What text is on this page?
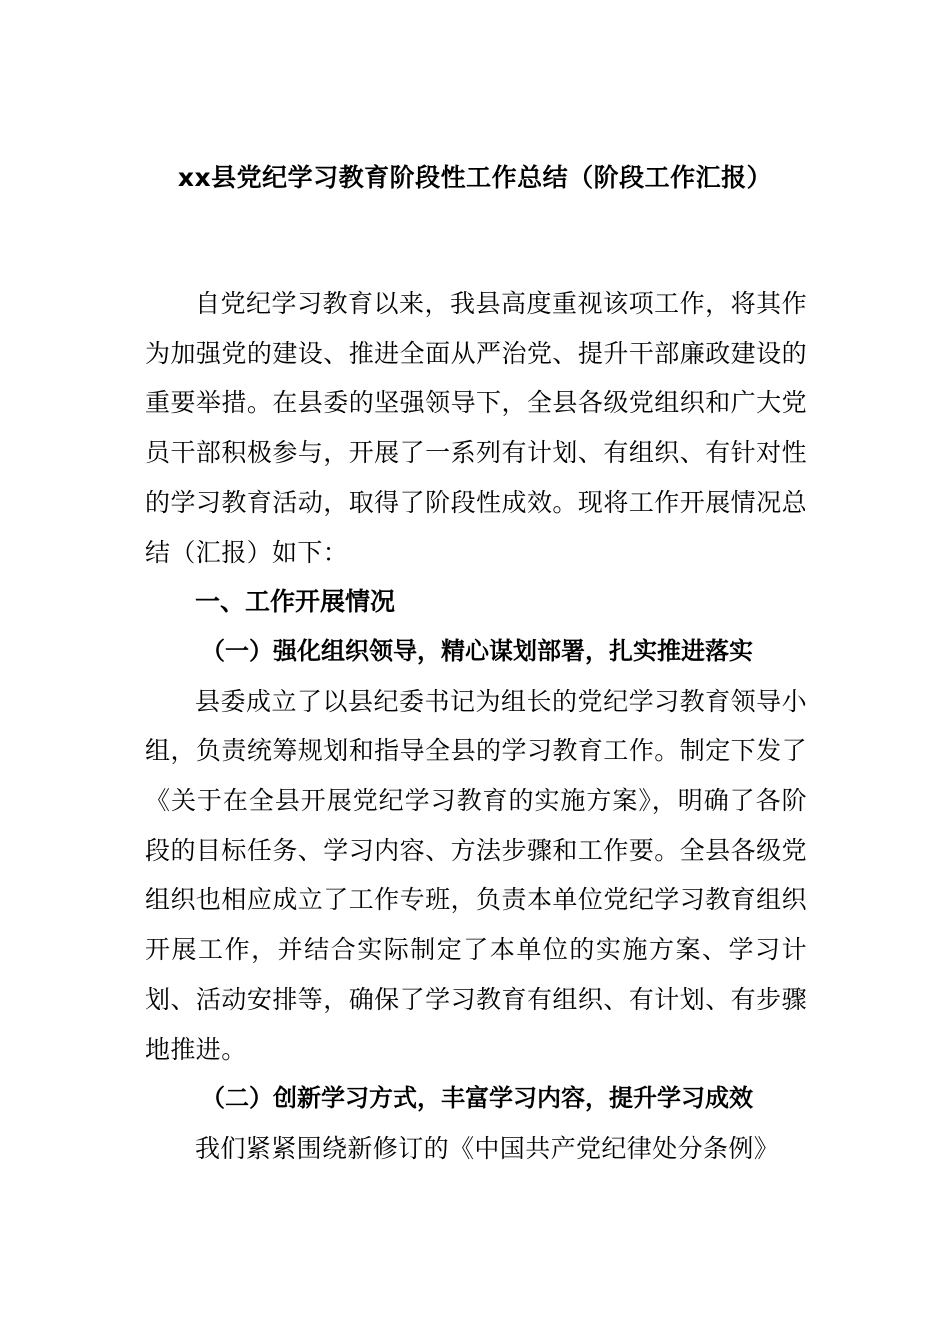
xx县党纪学习教育阶段性工作总结（阶段工作汇报）

自党纪学习教育以来，我县高度重视该项工作，将其作为加强党的建设、推进全面从严治党、提升干部廉政建设的重要举措。在县委的坚强领导下，全县各级党组织和广大党员干部积极参与，开展了一系列有计划、有组织、有针对性的学习教育活动，取得了阶段性成效。现将工作开展情况总结（汇报）如下：

一、工作开展情况

（一）强化组织领导，精心谋划部署，扎实推进落实

县委成立了以县纪委书记为组长的党纪学习教育领导小组，负责统筹规划和指导全县的学习教育工作。制定下发了《关于在全县开展党纪学习教育的实施方案》，明确了各阶段的目标任务、学习内容、方法步骤和工作要。全县各级党组织也相应成立了工作专班，负责本单位党纪学习教育组织开展工作，并结合实际制定了本单位的实施方案、学习计划、活动安排等，确保了学习教育有组织、有计划、有步骤地推进。

（二）创新学习方式，丰富学习内容，提升学习成效

我们紧紧围绕新修订的《中国共产党纪律处分条例》
